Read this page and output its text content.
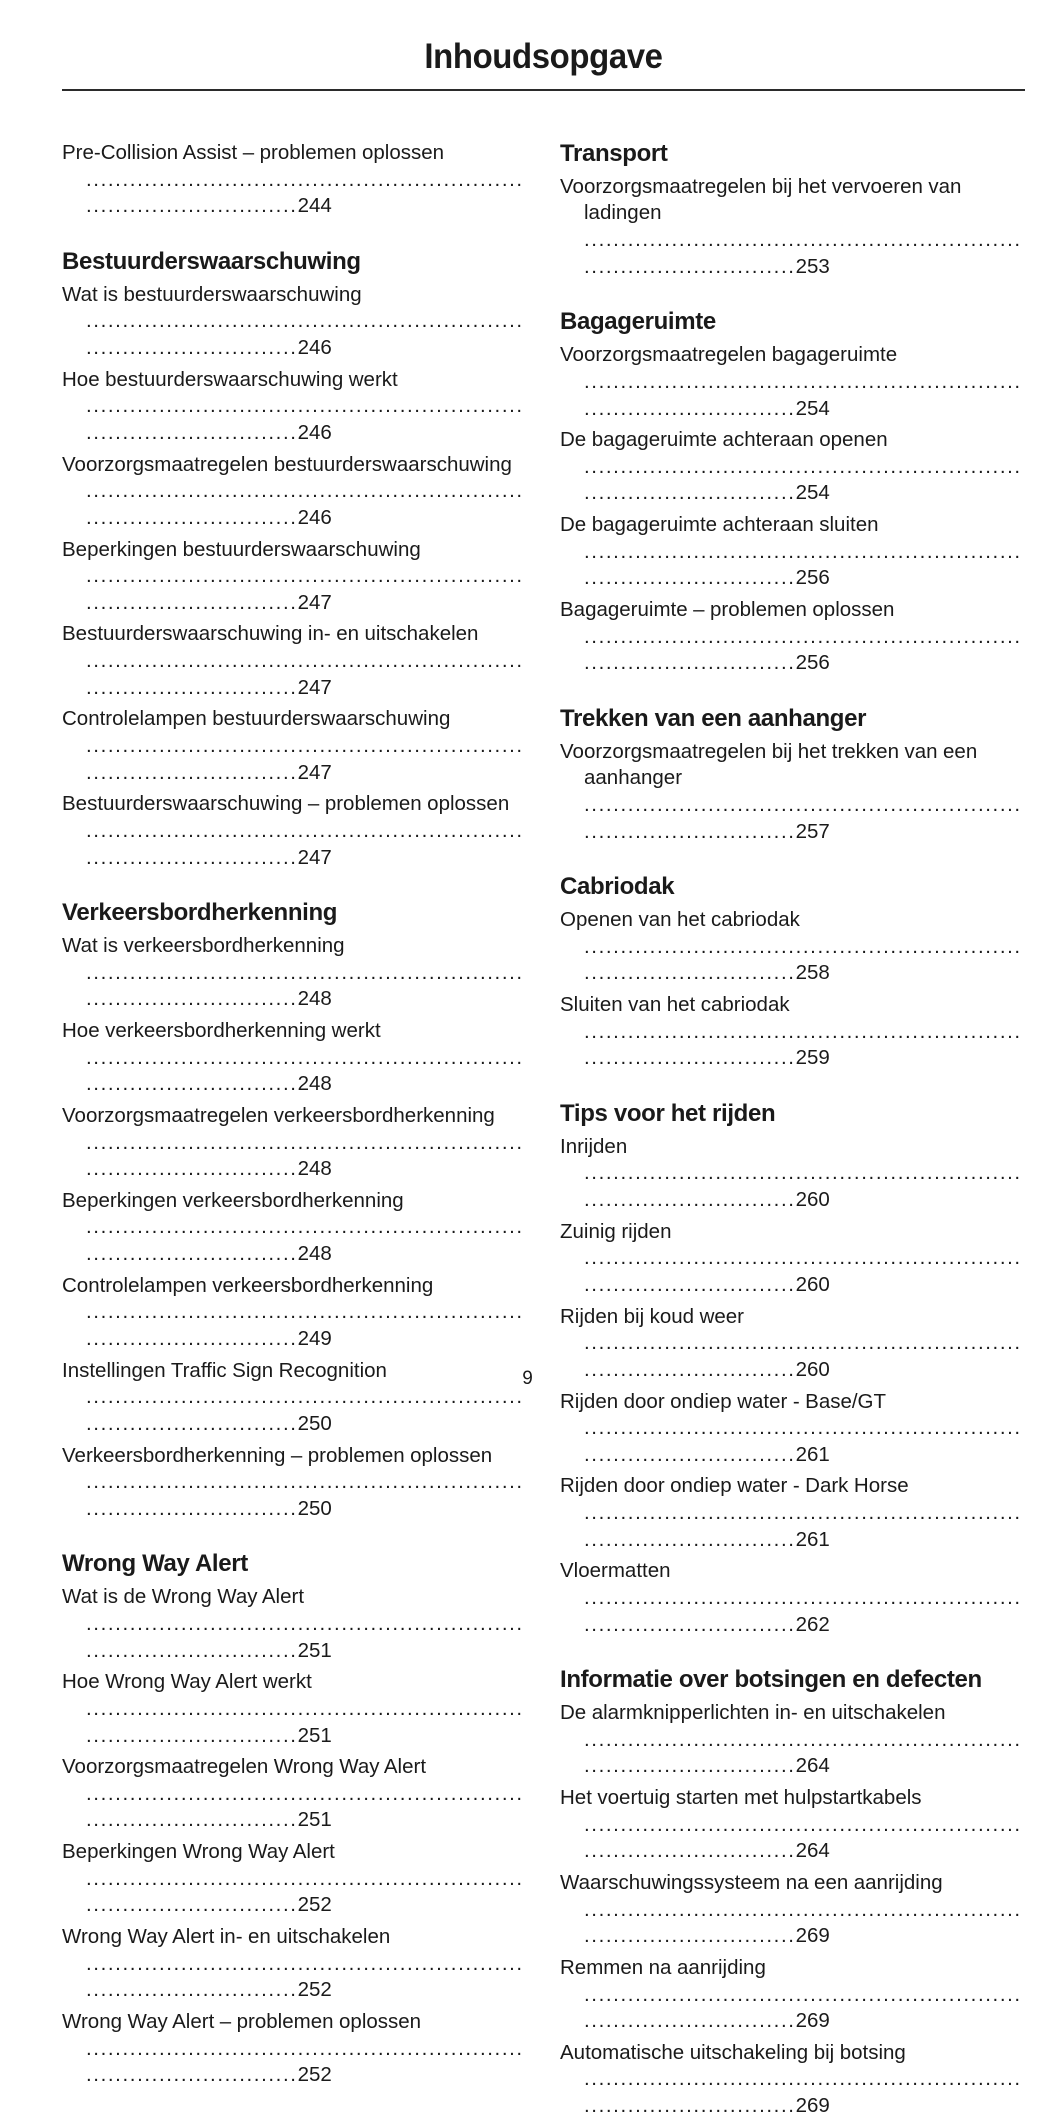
Inhoudsopgave
Pre-Collision Assist – problemen oplossen .........................................................................................244
Bestuurderswaarschuwing
Wat is bestuurderswaarschuwing .........................................................................................246
Hoe bestuurderswaarschuwing werkt .........................................................................................246
Voorzorgsmaatregelen bestuurderswaarschuwing .........................................................................................246
Beperkingen bestuurderswaarschuwing .........................................................................................247
Bestuurderswaarschuwing in- en uitschakelen .........................................................................................247
Controlelampen bestuurderswaarschuwing .........................................................................................247
Bestuurderswaarschuwing – problemen oplossen .........................................................................................247
Verkeersbordherkenning
Wat is verkeersbordherkenning .........................................................................................248
Hoe verkeersbordherkenning werkt .........................................................................................248
Voorzorgsmaatregelen verkeersbordherkenning .........................................................................................248
Beperkingen verkeersbordherkenning .........................................................................................248
Controlelampen verkeersbordherkenning .........................................................................................249
Instellingen Traffic Sign Recognition .........................................................................................250
Verkeersbordherkenning – problemen oplossen .........................................................................................250
Wrong Way Alert
Wat is de Wrong Way Alert .........................................................................................251
Hoe Wrong Way Alert werkt .........................................................................................251
Voorzorgsmaatregelen Wrong Way Alert .........................................................................................251
Beperkingen Wrong Way Alert .........................................................................................252
Wrong Way Alert in- en uitschakelen .........................................................................................252
Wrong Way Alert – problemen oplossen .........................................................................................252
Transport
Voorzorgsmaatregelen bij het vervoeren van ladingen .........................................................................................253
Bagageruimte
Voorzorgsmaatregelen bagageruimte .........................................................................................254
De bagageruimte achteraan openen .........................................................................................254
De bagageruimte achteraan sluiten .........................................................................................256
Bagageruimte – problemen oplossen .........................................................................................256
Trekken van een aanhanger
Voorzorgsmaatregelen bij het trekken van een aanhanger .........................................................................................257
Cabriodak
Openen van het cabriodak .........................................................................................258
Sluiten van het cabriodak .........................................................................................259
Tips voor het rijden
Inrijden .........................................................................................260
Zuinig rijden .........................................................................................260
Rijden bij koud weer .........................................................................................260
Rijden door ondiep water - Base/GT .........................................................................................261
Rijden door ondiep water - Dark Horse .........................................................................................261
Vloermatten .........................................................................................262
Informatie over botsingen en defecten
De alarmknipperlichten in- en uitschakelen .........................................................................................264
Het voertuig starten met hulpstartkabels .........................................................................................264
Waarschuwingssysteem na een aanrijding .........................................................................................269
Remmen na aanrijding .........................................................................................269
Automatische uitschakeling bij botsing .........................................................................................269
9
